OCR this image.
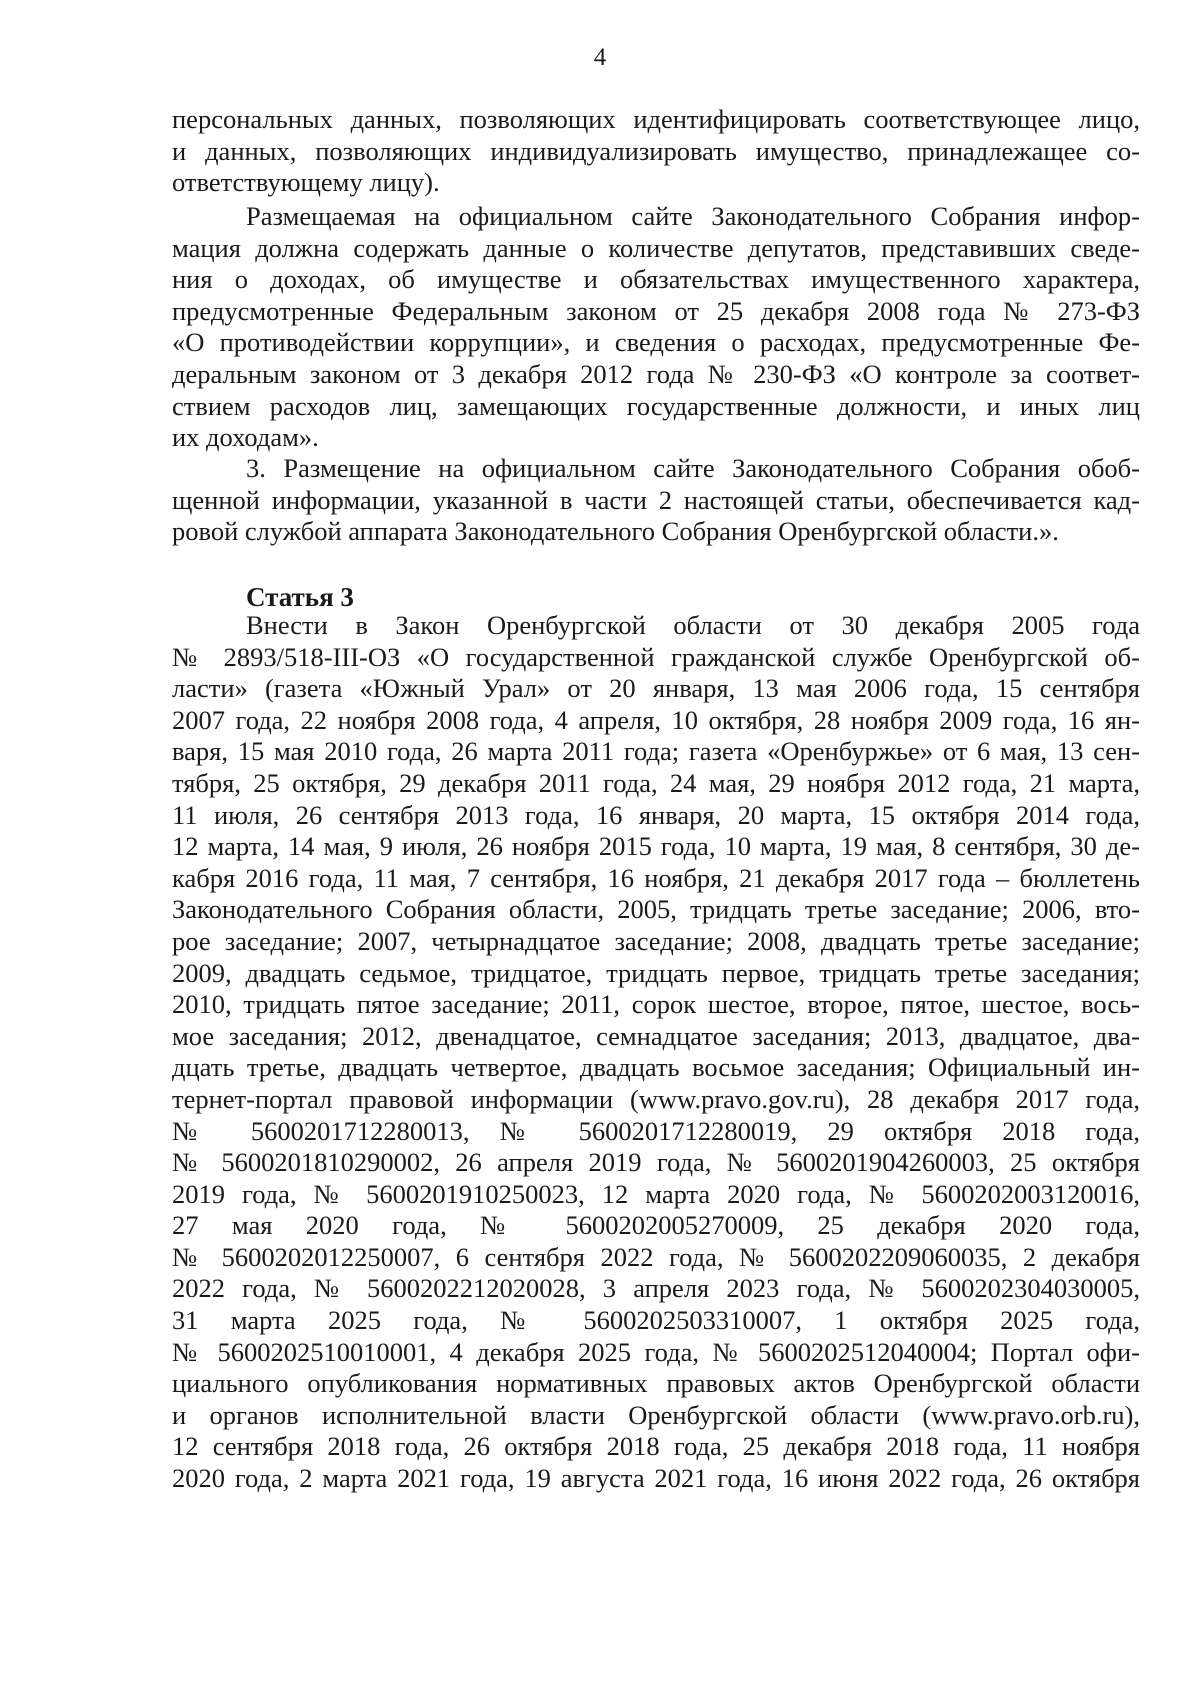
4
персональных данных, позволяющих идентифицировать соответствующее лицо,
и данных, позволяющих индивидуализировать имущество, принадлежащее со-
ответствующему лицу).
Размещаемая на официальном сайте Законодательного Собрания инфор-
мация должна содержать данные о количестве депутатов, представивших сведе-
ния о доходах, об имуществе и обязательствах имущественного характера,
предусмотренные Федеральным законом от 25 декабря 2008 года № 273-ФЗ
«О противодействии коррупции», и сведения о расходах, предусмотренные Фе-
деральным законом от 3 декабря 2012 года № 230-ФЗ «О контроле за соответ-
ствием расходов лиц, замещающих государственные должности, и иных лиц
их доходам».
3. Размещение на официальном сайте Законодательного Собрания обоб-
щенной информации, указанной в части 2 настоящей статьи, обеспечивается кад-
ровой службой аппарата Законодательного Собрания Оренбургской области.».
Статья 3
Внести в Закон Оренбургской области от 30 декабря 2005 года
№ 2893/518-III-ОЗ «О государственной гражданской службе Оренбургской об-
ласти» (газета «Южный Урал» от 20 января, 13 мая 2006 года, 15 сентября
2007 года, 22 ноября 2008 года, 4 апреля, 10 октября, 28 ноября 2009 года, 16 ян-
варя, 15 мая 2010 года, 26 марта 2011 года; газета «Оренбуржье» от 6 мая, 13 сен-
тября, 25 октября, 29 декабря 2011 года, 24 мая, 29 ноября 2012 года, 21 марта,
11 июля, 26 сентября 2013 года, 16 января, 20 марта, 15 октября 2014 года,
12 марта, 14 мая, 9 июля, 26 ноября 2015 года, 10 марта, 19 мая, 8 сентября, 30 де-
кабря 2016 года, 11 мая, 7 сентября, 16 ноября, 21 декабря 2017 года – бюллетень
Законодательного Собрания области, 2005, тридцать третье заседание; 2006, вто-
рое заседание; 2007, четырнадцатое заседание; 2008, двадцать третье заседание;
2009, двадцать седьмое, тридцатое, тридцать первое, тридцать третье заседания;
2010, тридцать пятое заседание; 2011, сорок шестое, второе, пятое, шестое, вось-
мое заседания; 2012, двенадцатое, семнадцатое заседания; 2013, двадцатое, два-
дцать третье, двадцать четвертое, двадцать восьмое заседания; Официальный ин-
тернет-портал правовой информации (www.pravo.gov.ru), 28 декабря 2017 года,
№ 5600201712280013, № 5600201712280019, 29 октября 2018 года,
№ 5600201810290002, 26 апреля 2019 года, № 5600201904260003, 25 октября
2019 года, № 5600201910250023, 12 марта 2020 года, № 5600202003120016,
27 мая 2020 года, № 5600202005270009, 25 декабря 2020 года,
№ 5600202012250007, 6 сентября 2022 года, № 5600202209060035, 2 декабря
2022 года, № 5600202212020028, 3 апреля 2023 года, № 5600202304030005,
31 марта 2025 года, № 5600202503310007, 1 октября 2025 года,
№ 5600202510010001, 4 декабря 2025 года, № 5600202512040004; Портал офи-
циального опубликования нормативных правовых актов Оренбургской области
и органов исполнительной власти Оренбургской области (www.pravo.orb.ru),
12 сентября 2018 года, 26 октября 2018 года, 25 декабря 2018 года, 11 ноября
2020 года, 2 марта 2021 года, 19 августа 2021 года, 16 июня 2022 года, 26 октября
